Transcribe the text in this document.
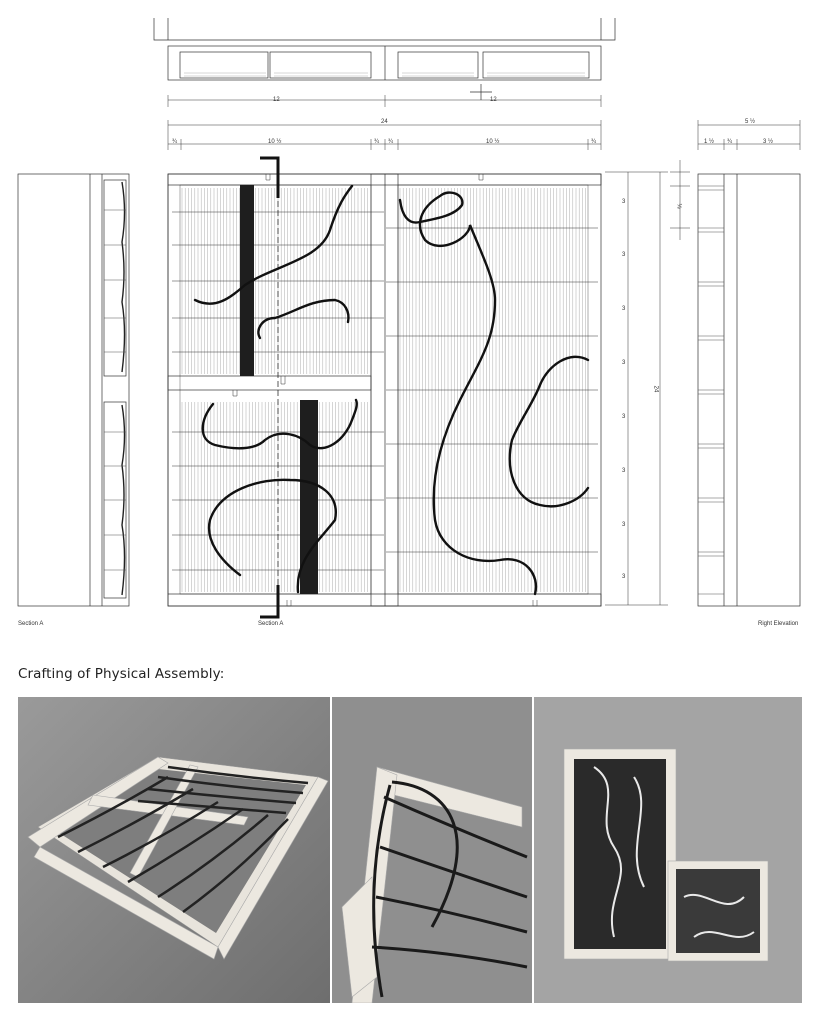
12	12
24
¾	10 ½	¾ ¾	10 ½	¾
5 ½
1 ½ ¾	3 ½
24
⅛
3
3
3
3
3
3
3
3
Section A	Section A	Right Elevation
Crafting of Physical Assembly:
